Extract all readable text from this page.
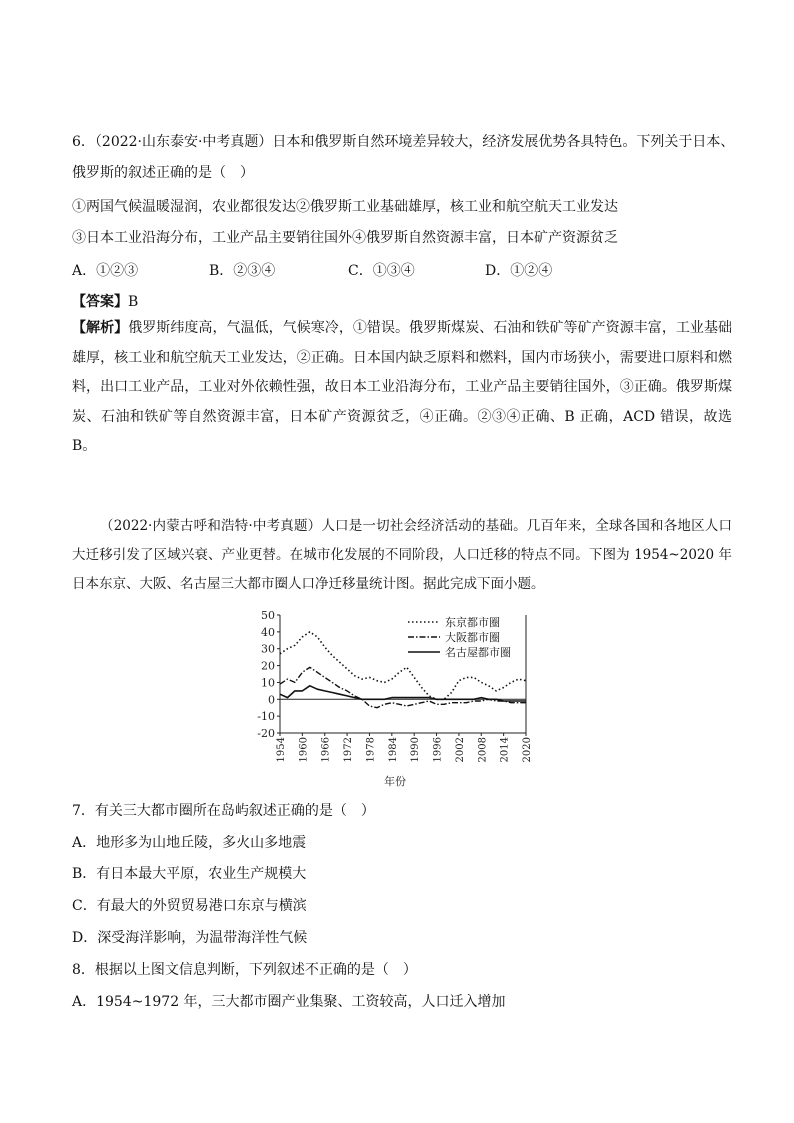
6．（2022·山东泰安·中考真题）日本和俄罗斯自然环境差异较大，经济发展优势各具特色。下列关于日本、
俄罗斯的叙述正确的是（　）
①两国气候温暖湿润，农业都很发达②俄罗斯工业基础雄厚，核工业和航空航天工业发达
③日本工业沿海分布，工业产品主要销往国外④俄罗斯自然资源丰富，日本矿产资源贫乏
A．①②③	B．②③④	C．①③④	D．①②④
【答案】B
【解析】俄罗斯纬度高，气温低，气候寒冷，①错误。俄罗斯煤炭、石油和铁矿等矿产资源丰富，工业基础雄厚，核工业和航空航天工业发达，②正确。日本国内缺乏原料和燃料，国内市场狭小，需要进口原料和燃料，出口工业产品，工业对外依赖性强，故日本工业沿海分布，工业产品主要销往国外，③正确。俄罗斯煤炭、石油和铁矿等自然资源丰富，日本矿产资源贫乏，④正确。②③④正确、B 正确，ACD 错误，故选 B。
（2022·内蒙古呼和浩特·中考真题）人口是一切社会经济活动的基础。几百年来，全球各国和各地区人口大迁移引发了区域兴衰、产业更替。在城市化发展的不同阶段，人口迁移的特点不同。下图为 1954~2020 年日本东京、大阪、名古屋三大都市圈人口净迁移量统计图。据此完成下面小题。
-20
-10
0
10
20
30
40
50
1954 1960 1966 1972 1978 1984 1990 1996 2002 2008 2014 2020
年份
东京都市圈
大阪都市圈
名古屋都市圈
7．有关三大都市圈所在岛屿叙述正确的是（　）
A．地形多为山地丘陵，多火山多地震
B．有日本最大平原，农业生产规模大
C．有最大的外贸贸易港口东京与横滨
D．深受海洋影响，为温带海洋性气候
8．根据以上图文信息判断，下列叙述不正确的是（　）
A．1954~1972 年，三大都市圈产业集聚、工资较高，人口迁入增加
